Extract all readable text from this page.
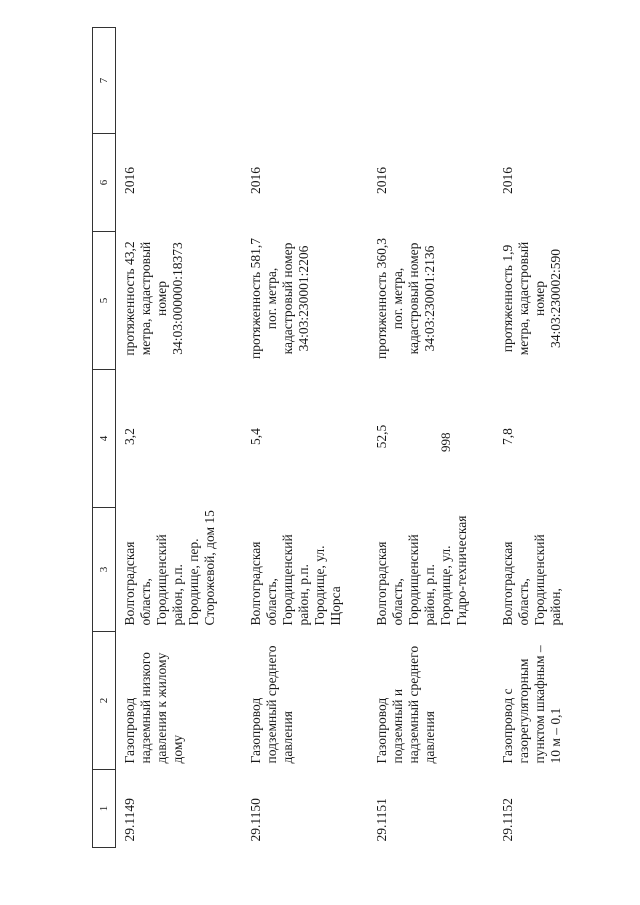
1	2	3	4	5	6	7
29.1149	Газопровод надземный низкого давления к жилому дому	Волгоградская область, Городищенский район, р.п. Городище, пер. Сторожевой, дом 15	3,2	протяженность 43,2 метра, кадастровый номер 34:03:000000:18373	2016	
29.1150	Газопровод подземный среднего давления	Волгоградская область, Городищенский район, р.п. Городище, ул. Щорса	5,4	протяженность 581,7 пог. метра, кадастровый номер 34:03:230001:2206	2016	
29.1151	Газопровод подземный и надземный среднего давления	Волгоградская область, Городищенский район, р.п. Городище, ул. Гидро-техническая	52,5	протяженность 360,3 пог. метра, кадастровый номер 34:03:230001:2136	2016	
29.1152	Газопровод с газорегуляторным пунктом шкафным – 10 м – 0,1	Волгоградская область, Городищенский район,	7,8	протяженность 1,9 метра, кадастровый номер 34:03:230002:590	2016	
998
